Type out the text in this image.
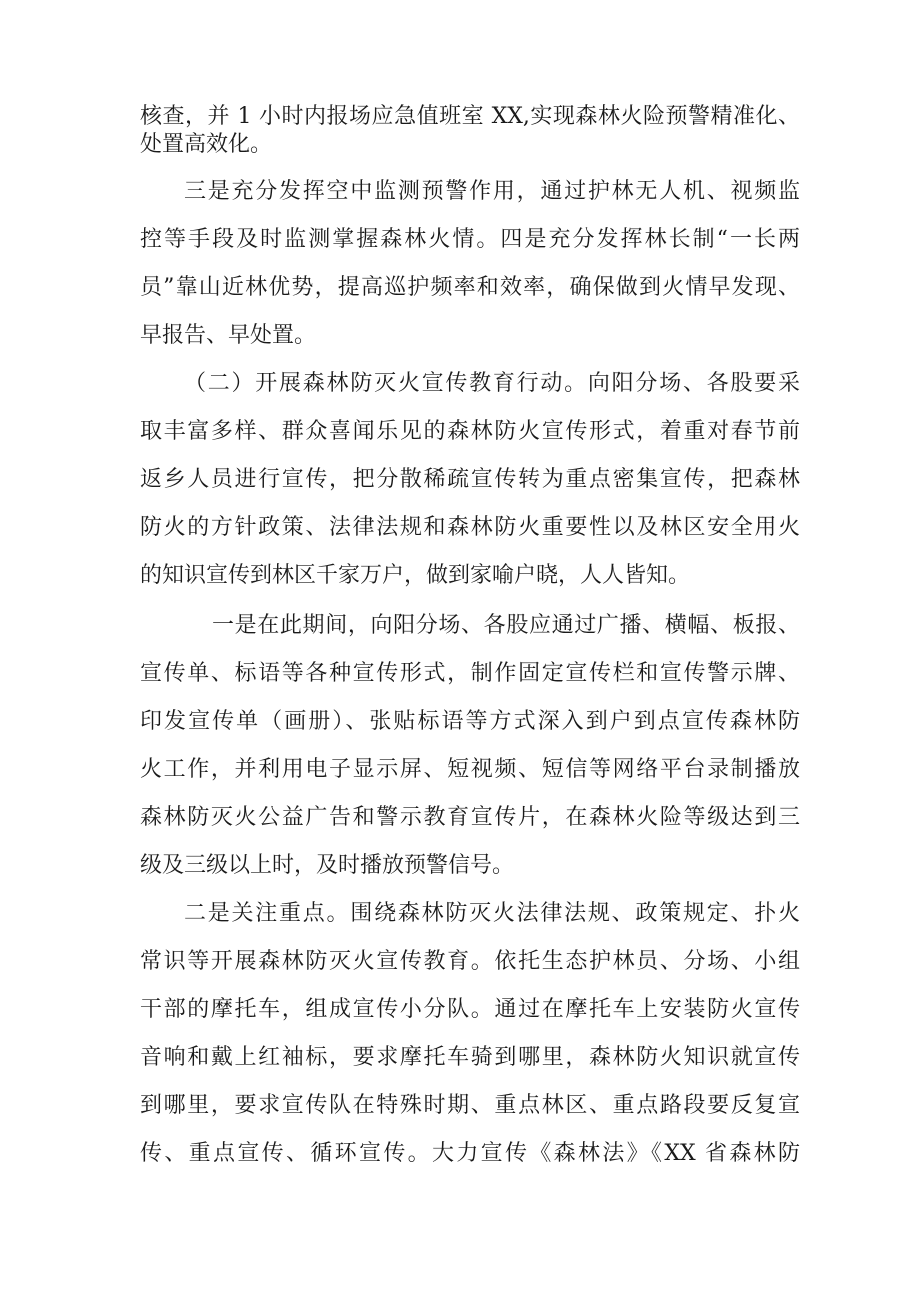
核查，并 1 小时内报场应急值班室 XX,实现森林火险预警精准化、
处置高效化。
三是充分发挥空中监测预警作用，通过护林无人机、视频监
控等手段及时监测掌握森林火情。四是充分发挥林长制“一长两
员”靠山近林优势，提高巡护频率和效率，确保做到火情早发现、
早报告、早处置。
（二）开展森林防灭火宣传教育行动。向阳分场、各股要采
取丰富多样、群众喜闻乐见的森林防火宣传形式，着重对春节前
返乡人员进行宣传，把分散稀疏宣传转为重点密集宣传，把森林
防火的方针政策、法律法规和森林防火重要性以及林区安全用火
的知识宣传到林区千家万户，做到家喻户晓，人人皆知。
一是在此期间，向阳分场、各股应通过广播、横幅、板报、
宣传单、标语等各种宣传形式，制作固定宣传栏和宣传警示牌、
印发宣传单（画册）、张贴标语等方式深入到户到点宣传森林防
火工作，并利用电子显示屏、短视频、短信等网络平台录制播放
森林防灭火公益广告和警示教育宣传片，在森林火险等级达到三
级及三级以上时，及时播放预警信号。
二是关注重点。围绕森林防灭火法律法规、政策规定、扑火
常识等开展森林防灭火宣传教育。依托生态护林员、分场、小组
干部的摩托车，组成宣传小分队。通过在摩托车上安装防火宣传
音响和戴上红袖标，要求摩托车骑到哪里，森林防火知识就宣传
到哪里，要求宣传队在特殊时期、重点林区、重点路段要反复宣
传、重点宣传、循环宣传。大力宣传《森林法》《XX 省森林防
